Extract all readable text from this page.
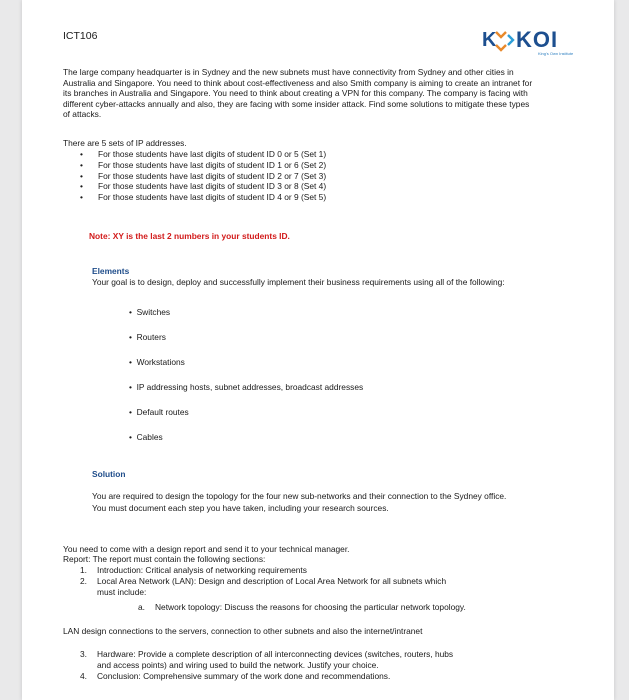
ICT106	K KOI
King's Own Institute
The large company headquarter is in Sydney and the new subnets must have connectivity from Sydney and other cities in Australia and Singapore. You need to think about cost-effectiveness and also Smith company is aiming to create an intranet for its branches in Australia and Singapore. You need to think about creating a VPN for this company. The company is facing with different cyber-attacks annually and also, they are facing with some insider attack. Find some solutions to mitigate these types of attacks.
There are 5 sets of IP addresses.
•	For those students have last digits of student ID 0 or 5 (Set 1)
•	For those students have last digits of student ID 1 or 6 (Set 2)
•	For those students have last digits of student ID 2 or 7 (Set 3)
•	For those students have last digits of student ID 3 or 8 (Set 4)
•	For those students have last digits of student ID 4 or 9 (Set 5)
Note: XY is the last 2 numbers in your students ID.
Elements
Your goal is to design, deploy and successfully implement their business requirements using all of the following:
•  Switches
•  Routers
•  Workstations
•  IP addressing hosts, subnet addresses, broadcast addresses
•  Default routes
•  Cables
Solution
You are required to design the topology for the four new sub-networks and their connection to the Sydney office. You must document each step you have taken, including your research sources.
You need to come with a design report and send it to your technical manager.
Report: The report must contain the following sections:
1. Introduction: Critical analysis of networking requirements
2. Local Area Network (LAN): Design and description of Local Area Network for all subnets which
must include:
a. Network topology: Discuss the reasons for choosing the particular network topology.
LAN design connections to the servers, connection to other subnets and also the internet/intranet
3. Hardware: Provide a complete description of all interconnecting devices (switches, routers, hubs
and access points) and wiring used to build the network. Justify your choice.
4. Conclusion: Comprehensive summary of the work done and recommendations.
